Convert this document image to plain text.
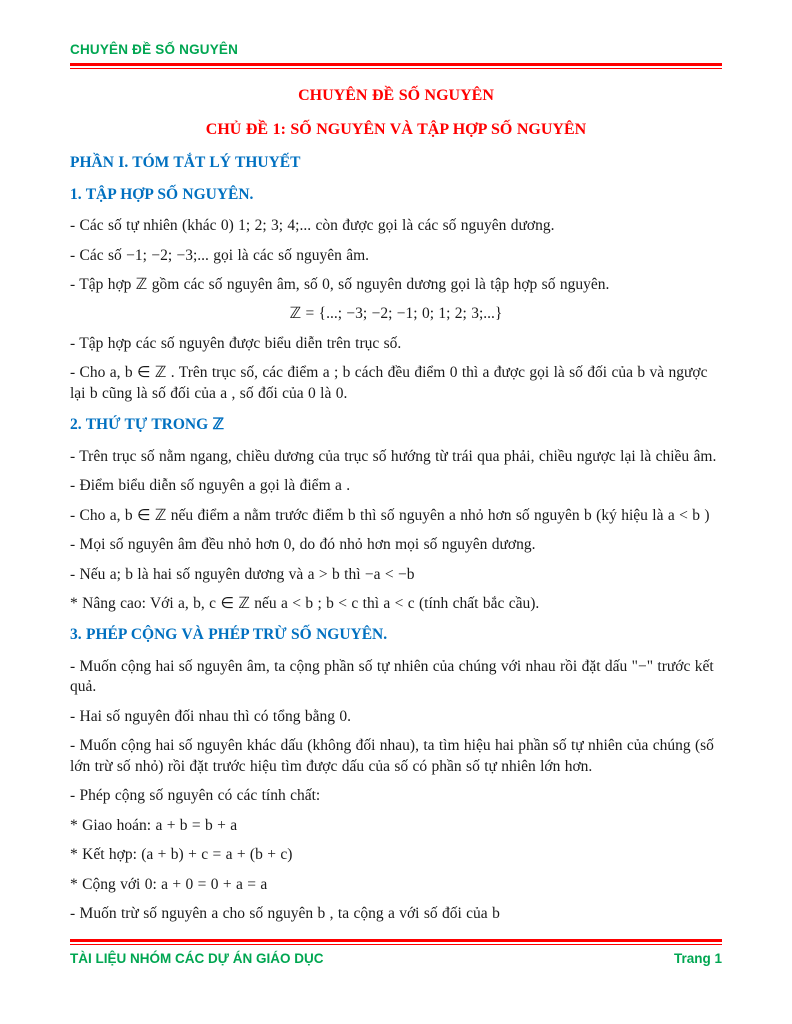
CHUYÊN ĐỀ SỐ NGUYÊN
CHUYÊN ĐỀ SỐ NGUYÊN
CHỦ ĐỀ 1: SỐ NGUYÊN VÀ TẬP HỢP SỐ NGUYÊN
PHẦN I. TÓM TẮT LÝ THUYẾT
1. TẬP HỢP SỐ NGUYÊN.
- Các số tự nhiên (khác 0) 1; 2; 3; 4;... còn được gọi là các số nguyên dương.
- Các số −1; −2; −3;... gọi là các số nguyên âm.
- Tập hợp ℤ gồm các số nguyên âm, số 0, số nguyên dương gọi là tập hợp số nguyên.
ℤ = {...; −3; −2; −1; 0; 1; 2; 3;...}
- Tập hợp các số nguyên được biểu diễn trên trục số.
- Cho a, b ∈ ℤ . Trên trục số, các điểm a ; b cách đều điểm 0 thì a được gọi là số đối của b và ngược lại b cũng là số đối của a , số đối của 0 là 0.
2. THỨ TỰ TRONG ℤ
- Trên trục số nằm ngang, chiều dương của trục số hướng từ trái qua phải, chiều ngược lại là chiều âm.
- Điểm biểu diễn số nguyên a gọi là điểm a .
- Cho a, b ∈ ℤ nếu điểm a nằm trước điểm b thì số nguyên a nhỏ hơn số nguyên b (ký hiệu là a < b )
- Mọi số nguyên âm đều nhỏ hơn 0, do đó nhỏ hơn mọi số nguyên dương.
- Nếu a; b là hai số nguyên dương và a > b thì −a < −b
* Nâng cao: Với a, b, c ∈ ℤ nếu a < b ; b < c thì a < c (tính chất bắc cầu).
3. PHÉP CỘNG VÀ PHÉP TRỪ SỐ NGUYÊN.
- Muốn cộng hai số nguyên âm, ta cộng phần số tự nhiên của chúng với nhau rồi đặt dấu "−" trước kết quả.
- Hai số nguyên đối nhau thì có tổng bằng 0.
- Muốn cộng hai số nguyên khác dấu (không đối nhau), ta tìm hiệu hai phần số tự nhiên của chúng (số lớn trừ số nhỏ) rồi đặt trước hiệu tìm được dấu của số có phần số tự nhiên lớn hơn.
- Phép cộng số nguyên có các tính chất:
* Giao hoán: a + b = b + a
* Kết hợp: (a + b) + c = a + (b + c)
* Cộng với 0: a + 0 = 0 + a = a
- Muốn trừ số nguyên a cho số nguyên b , ta cộng a với số đối của b
TÀI LIỆU NHÓM CÁC DỰ ÁN GIÁO DỤC	Trang 1
